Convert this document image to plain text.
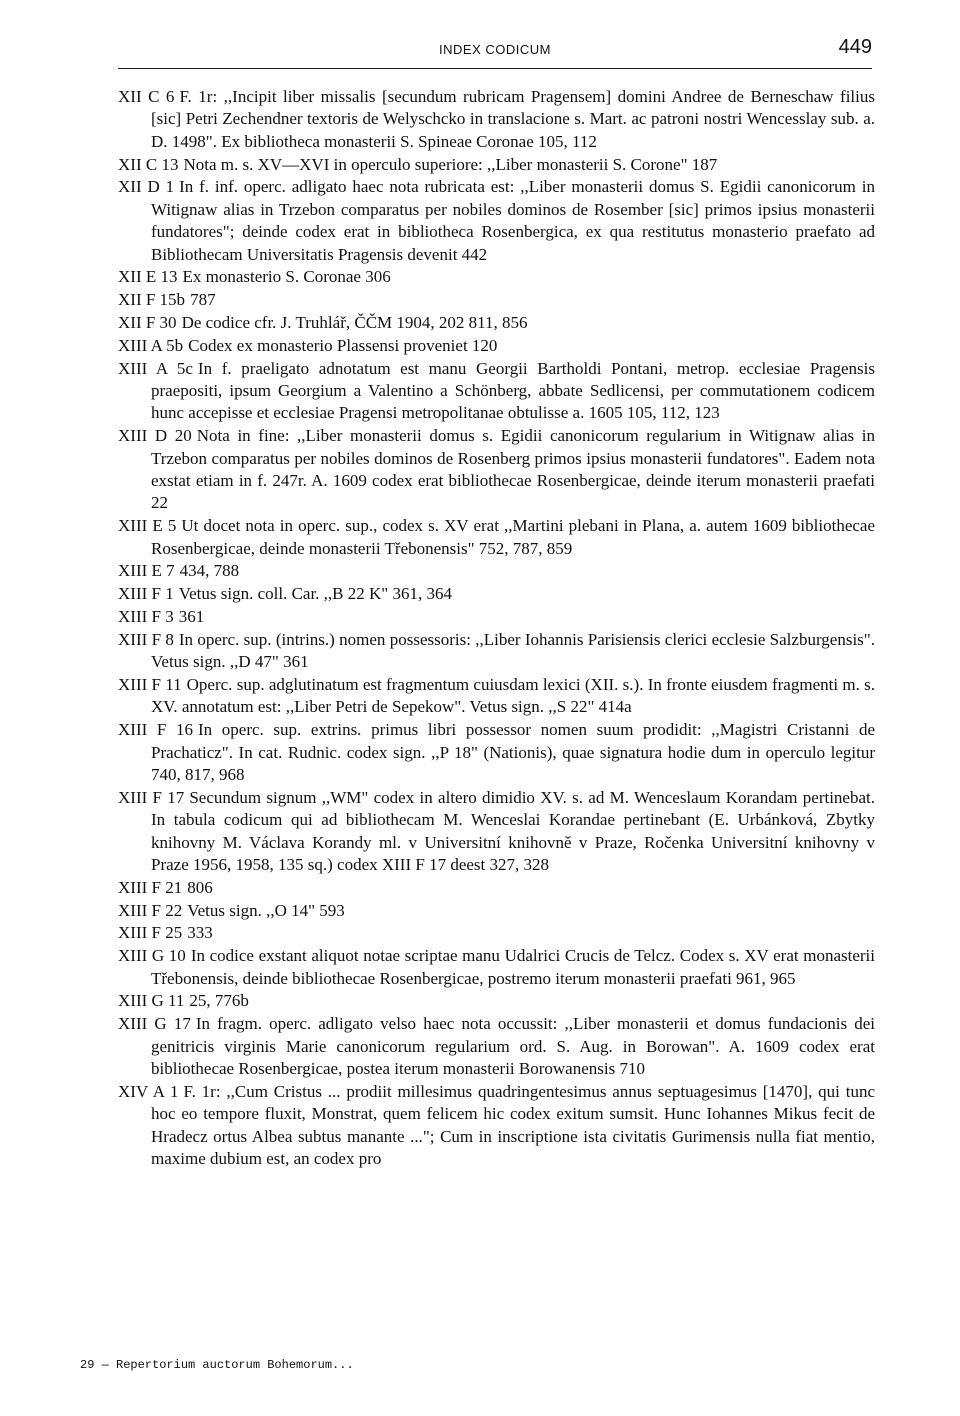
INDEX CODICUM	449

XII C 6 F. 1r: ,,Incipit liber missalis [secundum rubricam Pragensem] domini Andree de Berneschaw filius [sic] Petri Zechendner textoris de Welyschcko in translacione s. Mart. ac patroni nostri Wencesslay sub. a. D. 1498". Ex bibliotheca monasterii S. Spineae Coronae 105, 112

XII C 13 Nota m. s. XV—XVI in operculo superiore: ,,Liber monasterii S. Corone" 187

XII D 1 In f. inf. operc. adligato haec nota rubricata est: ,,Liber monasterii domus S. Egidii canonicorum in Witignaw alias in Trzebon comparatus per nobiles dominos de Rosember [sic] primos ipsius monasterii fundatores"; deinde codex erat in bibliotheca Rosenbergica, ex qua restitutus monasterio praefato ad Bibliothecam Universitatis Pragensis devenit 442

XII E 13 Ex monasterio S. Coronae 306

XII F 15b 787

XII F 30 De codice cfr. J. Truhlář, ČČM 1904, 202 811, 856

XIII A 5b Codex ex monasterio Plassensi proveniet 120

XIII A 5c In f. praeligato adnotatum est manu Georgii Bartholdi Pontani, metrop. ecclesiae Pragensis praepositi, ipsum Georgium a Valentino a Schönberg, abbate Sedlicensi, per commutationem codicem hunc accepisse et ecclesiae Pragensi metropolitanae obtulisse a. 1605 105, 112, 123

XIII D 20 Nota in fine: ,,Liber monasterii domus s. Egidii canonicorum regularium in Witignaw alias in Trzebon comparatus per nobiles dominos de Rosenberg primos ipsius monasterii fundatores". Eadem nota exstat etiam in f. 247r. A. 1609 codex erat bibliothecae Rosenbergicae, deinde iterum monasterii praefati 22

XIII E 5 Ut docet nota in operc. sup., codex s. XV erat ,,Martini plebani in Plana, a. autem 1609 bibliothecae Rosenbergicae, deinde monasterii Třebonensis" 752, 787, 859

XIII E 7 434, 788

XIII F 1 Vetus sign. coll. Car. ,,B 22 K" 361, 364

XIII F 3 361

XIII F 8 In operc. sup. (intrins.) nomen possessoris: ,,Liber Iohannis Parisiensis clerici ecclesie Salzburgensis". Vetus sign. ,,D 47" 361

XIII F 11 Operc. sup. adglutinatum est fragmentum cuiusdam lexici (XII. s.). In fronte eiusdem fragmenti m. s. XV. annotatum est: ,,Liber Petri de Sepekow". Vetus sign. ,,S 22" 414a

XIII F 16 In operc. sup. extrins. primus libri possessor nomen suum prodidit: ,,Magistri Cristanni de Prachaticz". In cat. Rudnic. codex sign. ,,P 18" (Nationis), quae signatura hodie dum in operculo legitur 740, 817, 968

XIII F 17 Secundum signum ,,WM" codex in altero dimidio XV. s. ad M. Wenceslaum Korandam pertinebat. In tabula codicum qui ad bibliothecam M. Wenceslai Korandae pertinebant (E. Urbánková, Zbytky knihovny M. Václava Korandy ml. v Universitní knihovně v Praze, Ročenka Universitní knihovny v Praze 1956, 1958, 135 sq.) codex XIII F 17 deest 327, 328

XIII F 21 806

XIII F 22 Vetus sign. ,,O 14" 593

XIII F 25 333

XIII G 10 In codice exstant aliquot notae scriptae manu Udalrici Crucis de Telcz. Codex s. XV erat monasterii Třebonensis, deinde bibliothecae Rosenbergicae, postremo iterum monasterii praefati 961, 965

XIII G 11 25, 776b

XIII G 17 In fragm. operc. adligato velso haec nota occussit: ,,Liber monasterii et domus fundacionis dei genitricis virginis Marie canonicorum regularium ord. S. Aug. in Borowan". A. 1609 codex erat bibliothecae Rosenbergicae, postea iterum monasterii Borowanensis 710

XIV A 1 F. 1r: ,,Cum Cristus ... prodiit millesimus quadringentesimus annus septuagesimus [1470], qui tunc hoc eo tempore fluxit, Monstrat, quem felicem hic codex exitum sumsit. Hunc Iohannes Mikus fecit de Hradecz ortus Albea subtus manante ..."; Cum in inscriptione ista civitatis Gurimensis nulla fiat mentio, maxime dubium est, an codex pro

29 — Repertorium auctorum Bohemorum...
